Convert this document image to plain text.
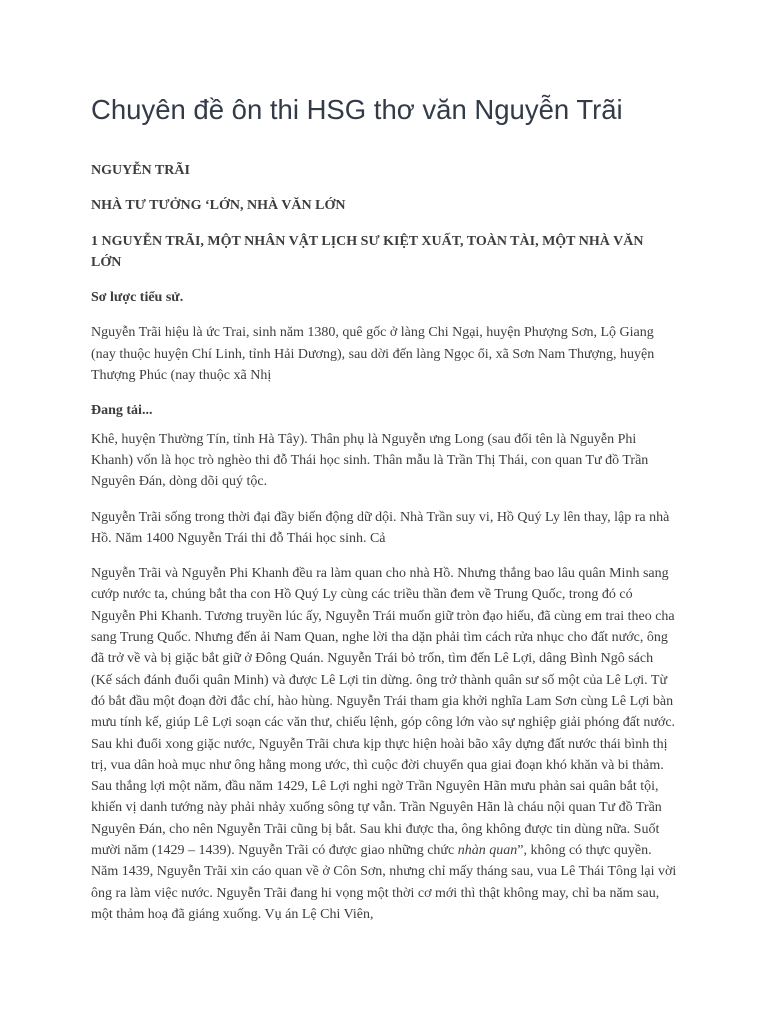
Chuyên đề ôn thi HSG thơ văn Nguyễn Trãi
NGUYỄN TRÃI
NHÀ TƯ TƯỞNG ‘LỚN, NHÀ VĂN LỚN
1 NGUYỄN TRÃI, MỘT NHÂN VẬT LỊCH SƯ KIỆT XUẤT, TOÀN TÀI, MỘT NHÀ VĂN LỚN
Sơ lược tiểu sử.

Nguyễn Trãi hiệu là ức Trai, sinh năm 1380, quê gốc ở làng Chi Ngại, huyện Phượng Sơn, Lộ Giang (nay thuộc huyện Chí Linh, tỉnh Hải Dương), sau dời đến làng Ngọc ổi, xã Sơn Nam Thượng, huyện Thượng Phúc (nay thuộc xã Nhị

Đang tải...

Khê, huyện Thường Tín, tỉnh Hà Tây). Thân phụ là Nguyễn ưng Long (sau đổi tên là Nguyễn Phi Khanh) vốn là học trò nghèo thi đỗ Thái học sinh. Thân mẫu là Trần Thị Thái, con quan Tư đồ Trần Nguyên Đán, dòng dõi quý tộc.

Nguyễn Trãi sống trong thời đại đầy biến động dữ dội. Nhà Trần suy vi, Hồ Quý Ly lên thay, lập ra nhà Hồ. Năm 1400 Nguyễn Trái thi đỗ Thái học sinh. Cả

Nguyễn Trãi và Nguyễn Phi Khanh đều ra làm quan cho nhà Hồ. Nhưng thắng bao lâu quân Minh sang cướp nước ta, chúng bắt tha con Hồ Quý Ly cùng các triều thần đem về Trung Quốc, trong đó có Nguyễn Phi Khanh. Tương truyền lúc ấy, Nguyễn Trái muốn giữ tròn đạo hiếu, đã cùng em trai theo cha sang Trung Quốc. Nhưng đến ải Nam Quan, nghe lời tha dặn phải tìm cách rửa nhục cho đất nước, ông đã trở về và bị giặc bắt giữ ở Đông Quán. Nguyễn Trái bỏ trốn, tìm đến Lê Lợi, dâng Bình Ngô sách (Kế sách đánh đuổi quân Minh) và được Lê Lợi tin dừng. ông trở thành quân sư số một của Lê Lợi. Từ đó bắt đầu một đoạn đời đắc chí, hào hùng. Nguyễn Trái tham gia khởi nghĩa Lam Sơn cùng Lê Lợi bàn mưu tính kế, giúp Lê Lợi soạn các văn thư, chiếu lệnh, góp công lớn vào sự nghiệp giải phóng đất nước. Sau khi đuổi xong giặc nước, Nguyễn Trãi chưa kịp thực hiện hoài bão xây dựng đất nước thái bình thị trị, vua dân hoà mục như ông hằng mong ước, thì cuộc đời chuyển qua giai đoạn khó khăn và bi thảm. Sau thắng lợi một năm, đầu năm 1429, Lê Lợi nghi ngờ Trần Nguyên Hãn mưu phản sai quân bắt tội, khiến vị danh tướng này phải nhảy xuống sông tự vẫn. Trần Nguyên Hãn là cháu nội quan Tư đồ Trần Nguyên Đán, cho nên Nguyễn Trãi cũng bị bắt. Sau khi được tha, ông không được tin dùng nữa. Suốt mười năm (1429 – 1439). Nguyễn Trãi có được giao những chức nhàn quan”, không có thực quyền. Năm 1439, Nguyễn Trãi xin cáo quan về ở Côn Sơn, nhưng chỉ mấy tháng sau, vua Lê Thái Tông lại vời ông ra làm việc nước. Nguyễn Trãi đang hi vọng một thời cơ mới thì thật không may, chỉ ba năm sau, một thảm hoạ đã giáng xuống. Vụ án Lệ Chi Viên,
